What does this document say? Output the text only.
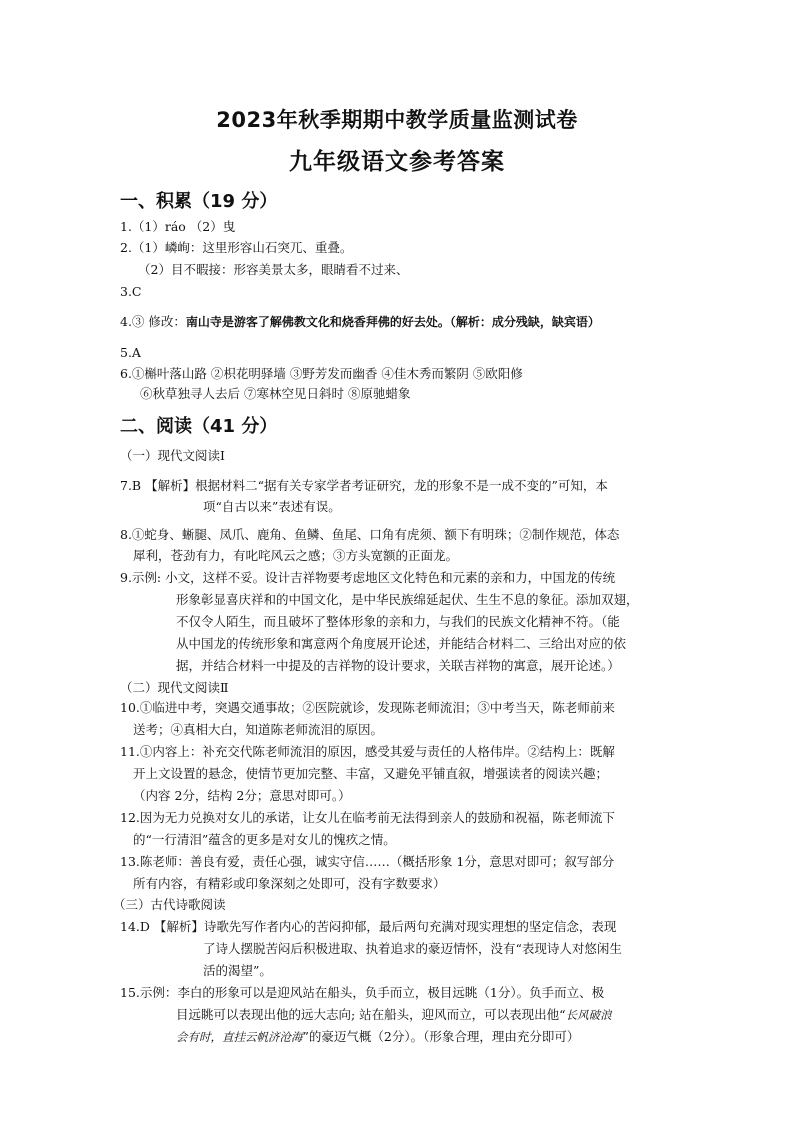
2023年秋季期期中教学质量监测试卷
九年级语文参考答案
一、积累（19 分）
1.（1）ráo （2）曳
2.（1）嶙峋：这里形容山石突兀、重叠。
（2）目不暇接：形容美景太多，眼睛看不过来、
3.C
4.③ 修改：南山寺是游客了解佛教文化和烧香拜佛的好去处。（解析：成分残缺，缺宾语）
5.A
6.①槲叶落山路 ②枳花明驿墙 ③野芳发而幽香 ④佳木秀而繁阴 ⑤欧阳修
⑥秋草独寻人去后 ⑦寒林空见日斜时 ⑧原驰蜡象
二、阅读（41 分）
（一）现代文阅读Ⅰ
7.B 【解析】根据材料二“据有关专家学者考证研究，龙的形象不是一成不变的”可知，本
项“自古以来”表述有误。
8.①蛇身、蜥腿、凤爪、鹿角、鱼鳞、鱼尾、口角有虎须、额下有明珠；②制作规范，体态
犀利，苍劲有力，有叱咤风云之感；③方头宽额的正面龙。
9.示例: 小文，这样不妥。设计吉祥物要考虑地区文化特色和元素的亲和力，中国龙的传统
形象彰显喜庆祥和的中国文化，是中华民族绵延起伏、生生不息的象征。添加双翅，
不仅令人陌生，而且破坏了整体形象的亲和力，与我们的民族文化精神不符。（能
从中国龙的传统形象和寓意两个角度展开论述，并能结合材料二、三给出对应的依
据，并结合材料一中提及的吉祥物的设计要求，关联吉祥物的寓意，展开论述。）
（二）现代文阅读Ⅱ
10.①临进中考，突遇交通事故；②医院就诊，发现陈老师流泪；③中考当天，陈老师前来
送考；④真相大白，知道陈老师流泪的原因。
11.①内容上：补充交代陈老师流泪的原因，感受其爱与责任的人格伟岸。②结构上：既解
开上文设置的悬念，使情节更加完整、丰富，又避免平铺直叙，增强读者的阅读兴趣；
（内容 2分，结构 2分；意思对即可。）
12.因为无力兑换对女儿的承诺，让女儿在临考前无法得到亲人的鼓励和祝福，陈老师流下
的“一行清泪”蕴含的更多是对女儿的愧疚之情。
13.陈老师：善良有爱，责任心强，诚实守信……（概括形象 1分，意思对即可；叙写部分
所有内容，有精彩或印象深刻之处即可，没有字数要求）
（三）古代诗歌阅读
14.D 【解析】诗歌先写作者内心的苦闷抑郁，最后两句充满对现实理想的坚定信念，表现
了诗人摆脱苦闷后积极进取、执着追求的豪迈情怀，没有“表现诗人对悠闲生
活的渴望”。
15.示例：李白的形象可以是迎风站在船头，负手而立，极目远眺（1分）。负手而立、极
目远眺可以表现出他的远大志向; 站在船头，迎风而立，可以表现出他“长风破浪
会有时，直挂云帆济沧海”的豪迈气概（2分）。（形象合理，理由充分即可）
